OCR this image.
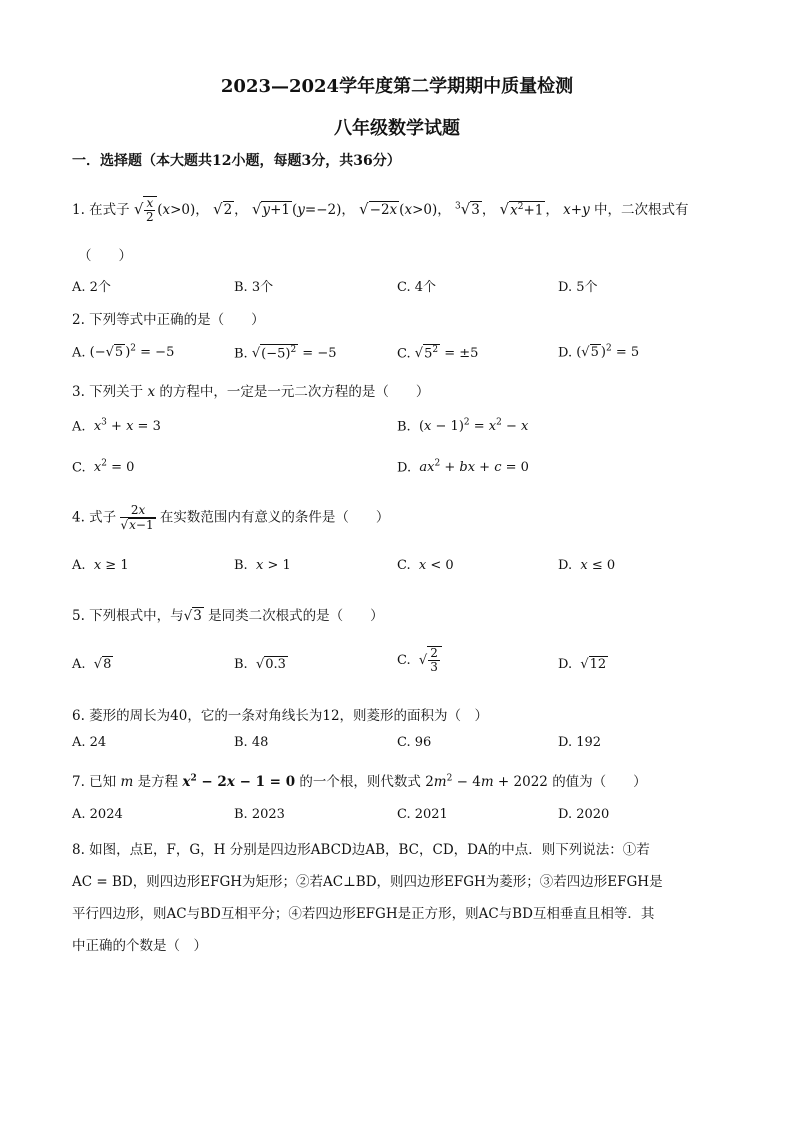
2023—2024学年度第二学期期中质量检测
八年级数学试题
一．选择题（本大题共12小题，每题3分，共36分）
1. 在式子 √ $\frac{x}{2} (x>0)$， √2 ， √y+1 (y=−2)， √−2x (x>0)， $^3$√3 ， $√x^2+1$ ， x+y 中，二次根式有
（　　）
A. 2个	B. 3个	C. 4个	D. 5个
2. 下列等式中正确的是（　　）
A. (−√5 )$^2$ = −5	B. $√(-5)^2 = -5$	C. $√5^2 = \pm 5$	D. (√5 )$^2$ = 5
3. 下列关于 x 的方程中，一定是一元二次方程的是（　　）
A. $x^3 + x = 3$	B.  $(x - 1)^2 = x^2 - x$
C. $x^2 = 0$	D. $ax^2$ + bx + c = 0
4. 式子 $\frac{2x}{√x-1}$ 在实数范围内有意义的条件是（　　）
A. x ≥ 1	B. x > 1	C. x < 0	D. x ≤ 0
5. 下列根式中，与√3 是同类二次根式的是（　　）
A.  √8	B.  √0.3	C.  √ $\frac{2}{3}$	D.  √12
6. 菱形的周长为40，它的一条对角线长为12，则菱形的面积为（　）
A. 24	B. 48	C. 96	D. 192
7. 已知 m 是方程 $x^2 - 2x - 1 = 0$ 的一个根，则代数式 $2m^2 - 4m + 2022$ 的值为（　　）
A. 2024	B. 2023	C. 2021	D. 2020
8. 如图，点E，F，G，H 分别是四边形ABCD边AB，BC，CD，DA的中点．则下列说法：①若
AC = BD，则四边形EFGH为矩形；②若AC⊥BD，则四边形EFGH为菱形；③若四边形EFGH是
平行四边形，则AC与BD互相平分；④若四边形EFGH是正方形，则AC与BD互相垂直且相等．其
中正确的个数是（　）
